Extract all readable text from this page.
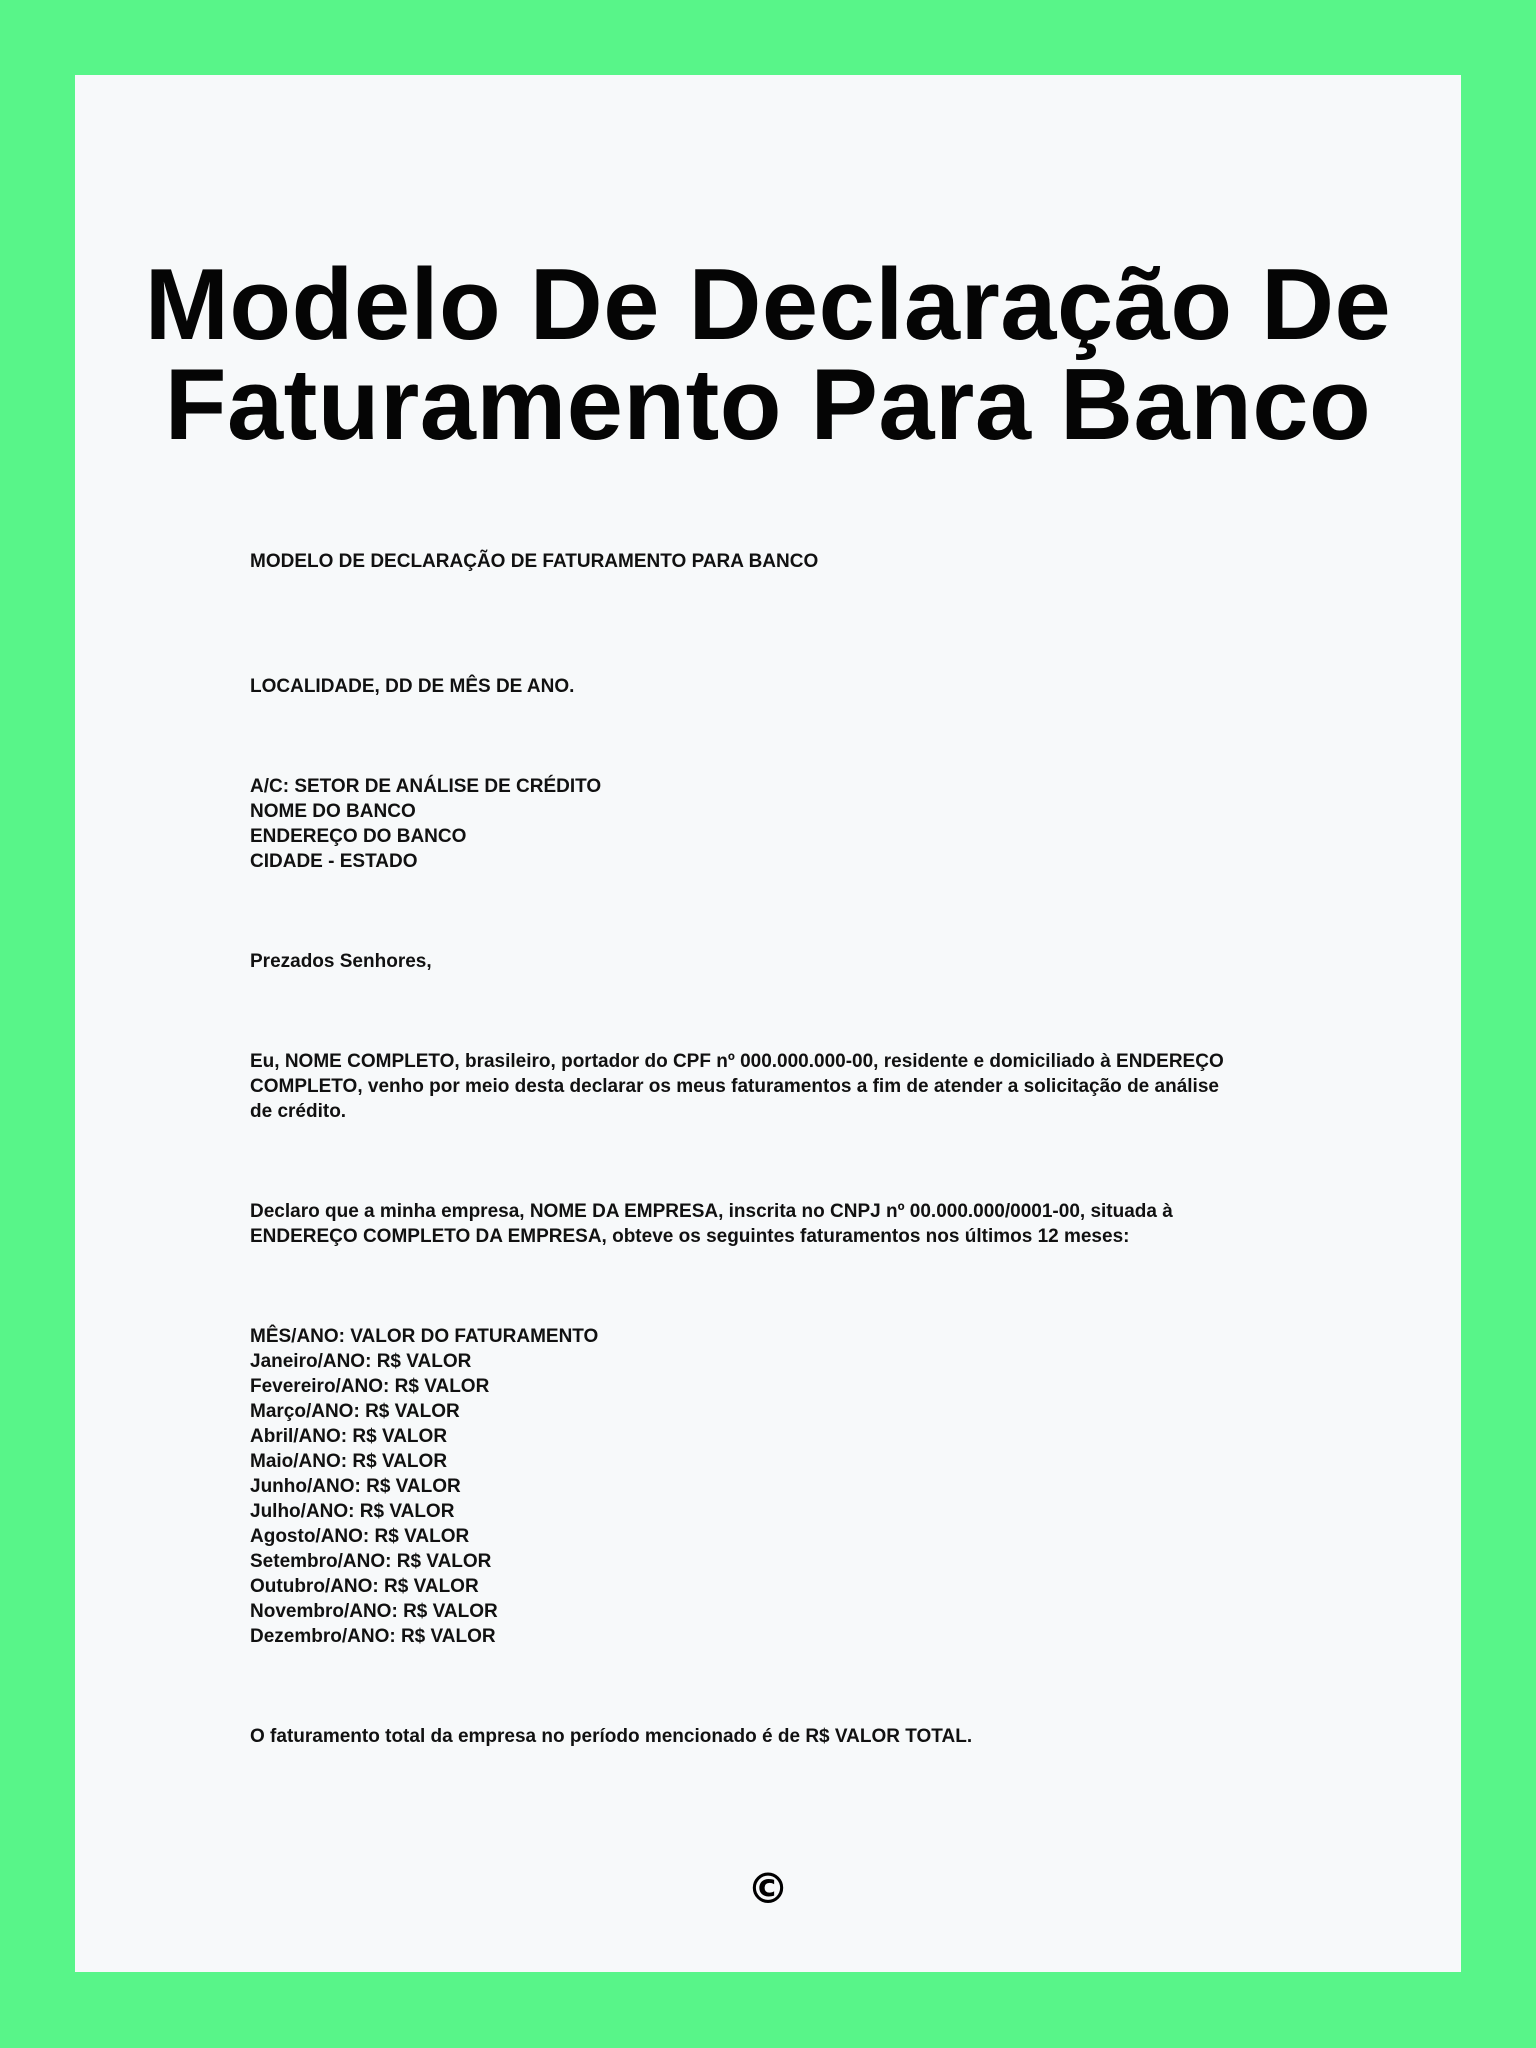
Modelo De Declaração De
Faturamento Para Banco

MODELO DE DECLARAÇÃO DE FATURAMENTO PARA BANCO

LOCALIDADE, DD DE MÊS DE ANO.

A/C: SETOR DE ANÁLISE DE CRÉDITO
NOME DO BANCO
ENDEREÇO DO BANCO
CIDADE - ESTADO

Prezados Senhores,

Eu, NOME COMPLETO, brasileiro, portador do CPF nº 000.000.000-00, residente e domiciliado à ENDEREÇO
COMPLETO, venho por meio desta declarar os meus faturamentos a fim de atender a solicitação de análise
de crédito.

Declaro que a minha empresa, NOME DA EMPRESA, inscrita no CNPJ nº 00.000.000/0001-00, situada à
ENDEREÇO COMPLETO DA EMPRESA, obteve os seguintes faturamentos nos últimos 12 meses:

MÊS/ANO: VALOR DO FATURAMENTO
Janeiro/ANO: R$ VALOR
Fevereiro/ANO: R$ VALOR
Março/ANO: R$ VALOR
Abril/ANO: R$ VALOR
Maio/ANO: R$ VALOR
Junho/ANO: R$ VALOR
Julho/ANO: R$ VALOR
Agosto/ANO: R$ VALOR
Setembro/ANO: R$ VALOR
Outubro/ANO: R$ VALOR
Novembro/ANO: R$ VALOR
Dezembro/ANO: R$ VALOR

O faturamento total da empresa no período mencionado é de R$ VALOR TOTAL.

©
